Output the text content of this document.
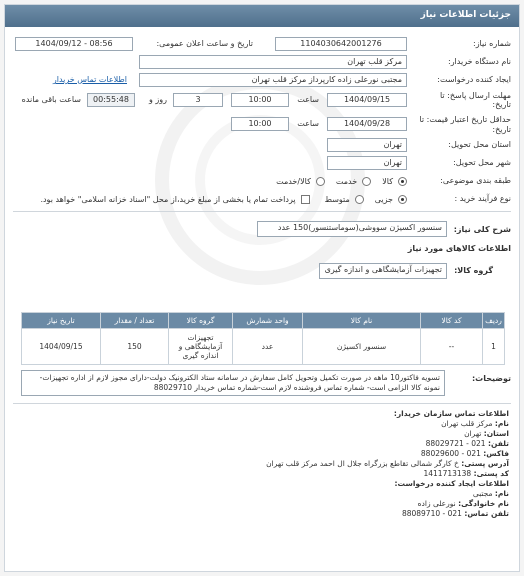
جزئیات اطلاعات نیاز
شماره نیاز:
1104030642001276
تاریخ و ساعت اعلان عمومی:
1404/09/12 - 08:56
نام دستگاه خریدار:
مرکز قلب تهران
ایجاد کننده درخواست:
مجتبی نورعلی زاده کارپرداز مرکز قلب تهران
اطلاعات تماس خریدار
مهلت ارسال پاسخ: تا
تاریخ:
1404/09/15
ساعت
10:00
3
روز و
00:55:48
ساعت باقی مانده
حداقل تاریخ اعتبار قیمت: تا تاریخ:
1404/09/28
ساعت
10:00
استان محل تحویل:
تهران
شهر محل تحویل:
تهران
طبقه بندی موضوعی:
کالا
خدمت
کالا/خدمت
نوع فرآیند خرید :
جزیی
متوسط
پرداخت تمام یا بخشی از مبلغ خرید،از محل "اسناد خزانه اسلامی" خواهد بود.
شرح کلی نیاز:
سنسور اکسیژن سووشی(سوماستنسور)150 عدد
اطلاعات کالاهای مورد نیاز
گروه کالا:
تجهیزات آزمایشگاهی و اندازه گیری
ردیف	کد کالا	نام کالا	واحد شمارش	گروه کالا	تعداد / مقدار	تاریخ نیاز
1	--	سنسور اکسیژن	عدد	تجهیزات آزمایشگاهی و اندازه گیری	150	1404/09/15
توضیحات:
تسویه فاکتور10 ماهه در صورت تکمیل وتحویل کامل سفارش در سامانه ستاد الکترونیک دولت-دارای مجوز لازم از اداره تجهیزات-نمونه کالا الزامی است- شماره تماس فروشنده لازم است-شماره تماس خریدار 88029710
اطلاعات تماس سازمان خریدار:
نام: مرکز قلب تهران
استان: تهران
تلفن: 021 - 88029721
فاکس: 021 - 88029600
آدرس پستی: خ کارگر شمالی تقاطع بزرگراه جلال ال احمد مرکز قلب تهران
کد پستی: 1411713138
اطلاعات ایجاد کننده درخواست:
نام: مجتبی
نام خانوادگی: نورعلی زاده
تلفن تماس: 021 - 88089710
